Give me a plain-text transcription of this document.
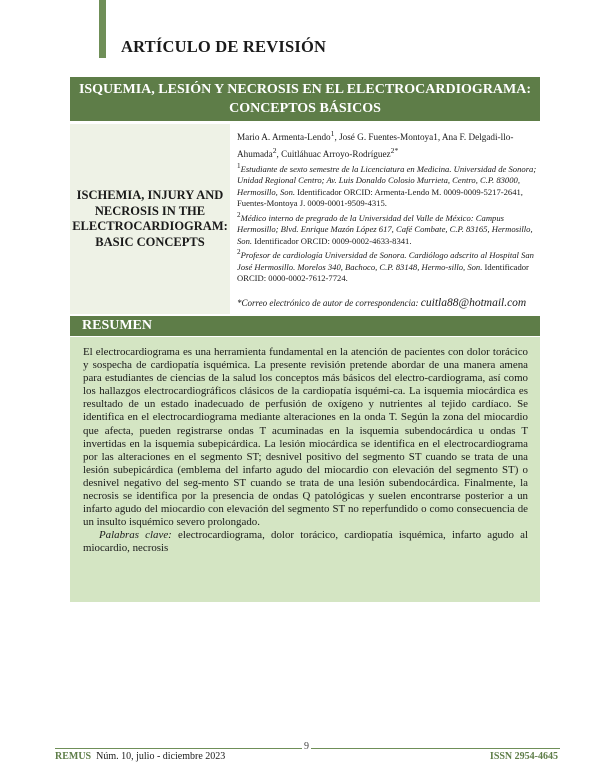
ARTÍCULO DE REVISIÓN
ISQUEMIA, LESIÓN Y NECROSIS EN EL ELECTROCARDIOGRAMA:
CONCEPTOS BÁSICOS
ISCHEMIA, INJURY AND
NECROSIS IN THE
ELECTROCARDIOGRAM:
BASIC CONCEPTS
Mario A. Armenta-Lendo$^1$, José G. Fuentes-Montoya1, Ana F. Delgadi-llo-Ahumada$^2$, Cuitláhuac Arroyo-Rodríguez$^{2*}$

$^1$Estudiante de sexto semestre de la Licenciatura en Medicina. Universidad de Sonora; Unidad Regional Centro; Av. Luis Donaldo Colosio Murrieta, Centro, C.P. 83000, Hermosillo, Son. Identificador ORCID: Armenta-Lendo M. 0009-0009-5217-2641, Fuentes-Montoya J. 0009-0001-9509-4315.

$^2$Médico interno de pregrado de la Universidad del Valle de México: Campus Hermosillo; Blvd. Enrique Mazón López 617, Café Combate, C.P. 83165, Hermosillo, Son. Identificador ORCID: 0009-0002-4633-8341.

$^2$Profesor de cardiología Universidad de Sonora. Cardiólogo adscrito al Hospital San José Hermosillo. Morelos 340, Bachoco, C.P. 83148, Hermo-sillo, Son. Identificador ORCID: 0000-0002-7612-7724.

*Correo electrónico de autor de correspondencia: cuitla88@hotmail.com
RESUMEN

El electrocardiograma es una herramienta fundamental en la atención de pacientes con dolor torácico y sospecha de cardiopatía isquémica. La presente revisión pretende abordar de una manera amena para estudiantes de ciencias de la salud los conceptos más básicos del electro-cardiograma, así como los hallazgos electrocardiográficos clásicos de la cardiopatía isquémi-ca. La isquemia miocárdica es resultado de un estado inadecuado de perfusión de oxígeno y nutrientes al tejido cardíaco. Se identifica en el electrocardiograma mediante alteraciones en la onda T. Según la zona del miocardio que afecta, pueden registrarse ondas T acuminadas en la isquemia subendocárdica u ondas T invertidas en la isquemia subepicárdica. La lesión miocárdica se identifica en el electrocardiograma por las alteraciones en el segmento ST; desnivel positivo del segmento ST cuando se trata de una lesión subepicárdica (emblema del infarto agudo del miocardio con elevación del segmento ST) o desnivel negativo del seg-mento ST cuando se trata de una lesión subendocárdica. Finalmente, la necrosis se identifica por la presencia de ondas Q patológicas y suelen encontrarse posterior a un infarto agudo del miocardio con elevación del segmento ST no reperfundido o como consecuencia de un insulto isquémico severo prolongado.

Palabras clave: electrocardiograma, dolor torácico, cardiopatía isquémica, infarto agudo al miocardio, necrosis

9
REMUS  Núm. 10, julio - diciembre 2023	ISSN 2954-4645
